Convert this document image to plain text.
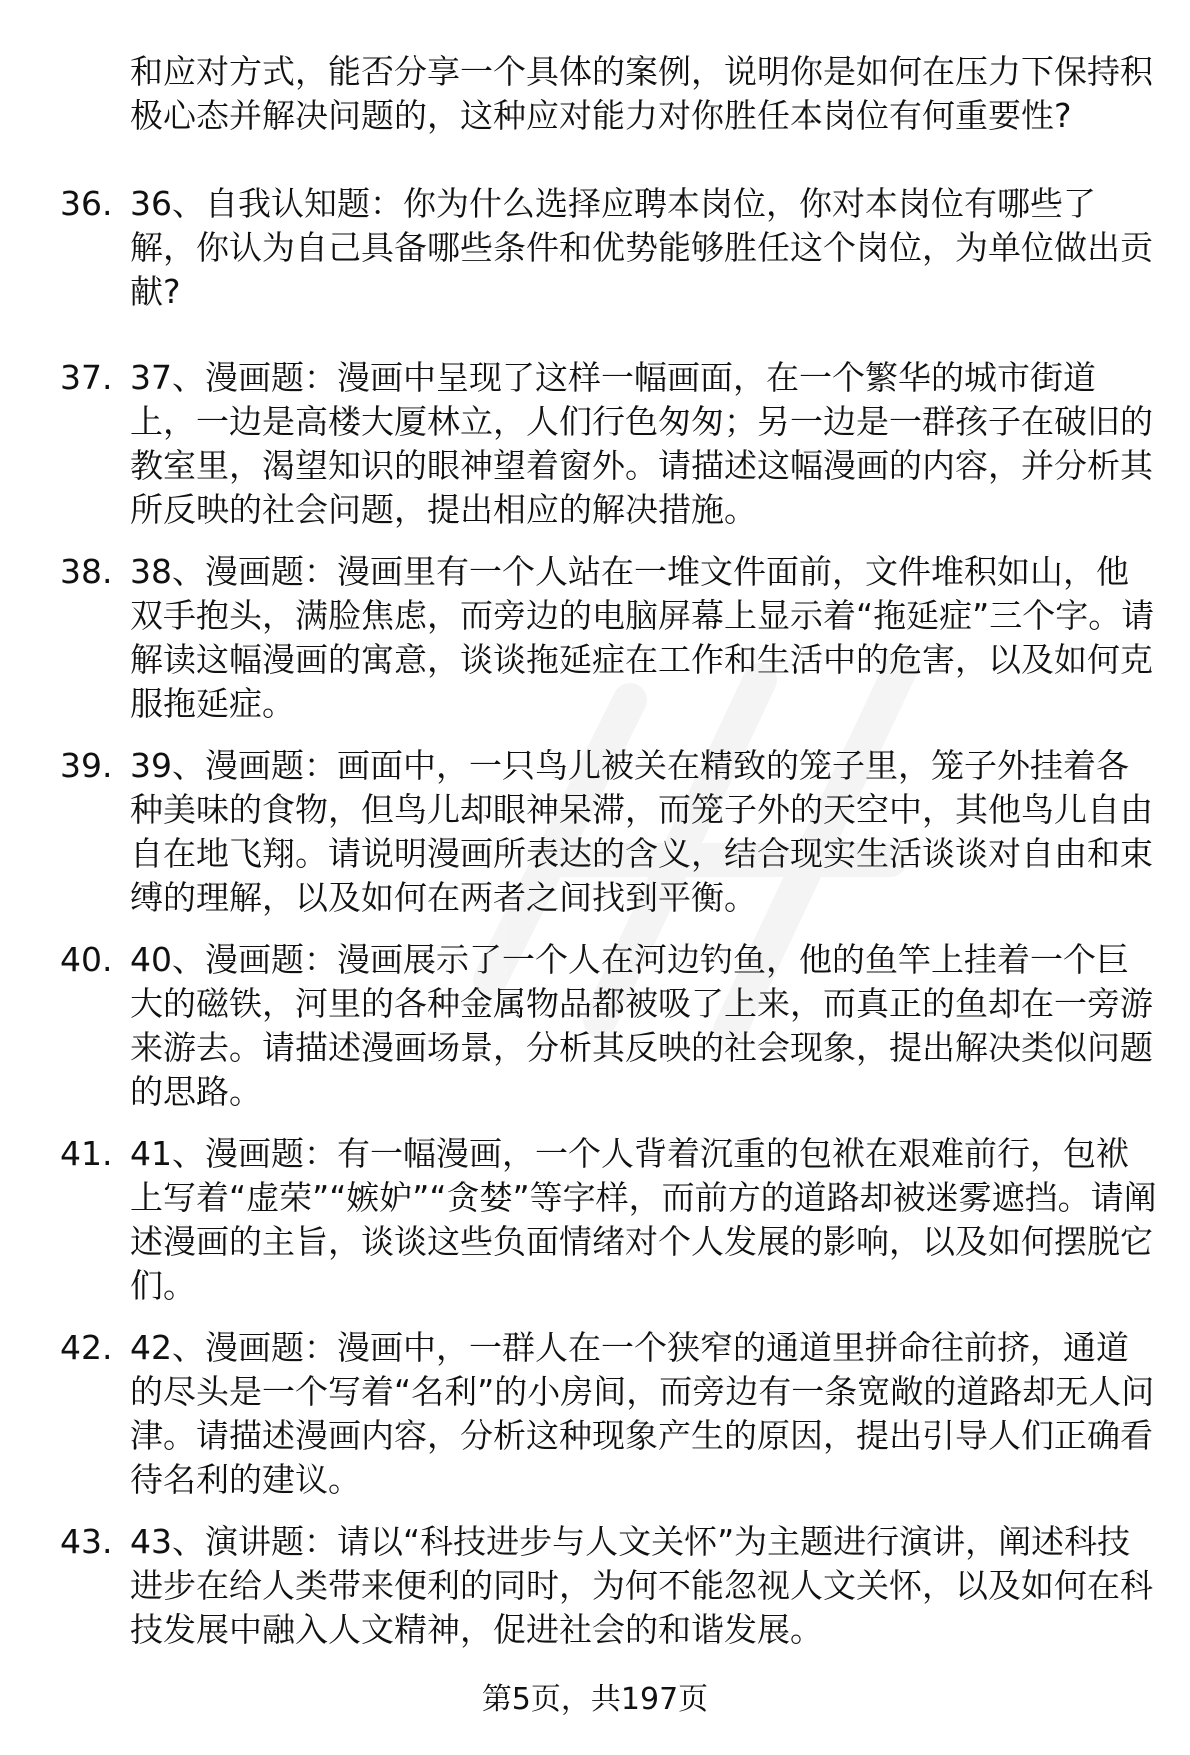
和应对方式，能否分享一个具体的案例，说明你是如何在压力下保持积极心态并解决问题的，这种应对能力对你胜任本岗位有何重要性?
36. 36、自我认知题：你为什么选择应聘本岗位，你对本岗位有哪些了解，你认为自己具备哪些条件和优势能够胜任这个岗位，为单位做出贡献?
37. 37、漫画题：漫画中呈现了这样一幅画面，在一个繁华的城市街道上，一边是高楼大厦林立，人们行色匆匆；另一边是一群孩子在破旧的教室里，渴望知识的眼神望着窗外。请描述这幅漫画的内容，并分析其所反映的社会问题，提出相应的解决措施。
38. 38、漫画题：漫画里有一个人站在一堆文件面前，文件堆积如山，他双手抱头，满脸焦虑，而旁边的电脑屏幕上显示着“拖延症”三个字。请解读这幅漫画的寓意，谈谈拖延症在工作和生活中的危害，以及如何克服拖延症。
39. 39、漫画题：画面中，一只鸟儿被关在精致的笼子里，笼子外挂着各种美味的食物，但鸟儿却眼神呆滞，而笼子外的天空中，其他鸟儿自由自在地飞翔。请说明漫画所表达的含义，结合现实生活谈谈对自由和束缚的理解，以及如何在两者之间找到平衡。
40. 40、漫画题：漫画展示了一个人在河边钓鱼，他的鱼竿上挂着一个巨大的磁铁，河里的各种金属物品都被吸了上来，而真正的鱼却在一旁游来游去。请描述漫画场景，分析其反映的社会现象，提出解决类似问题的思路。
41. 41、漫画题：有一幅漫画，一个人背着沉重的包袱在艰难前行，包袱上写着“虚荣”“嫉妒”“贪婪”等字样，而前方的道路却被迷雾遮挡。请阐述漫画的主旨，谈谈这些负面情绪对个人发展的影响，以及如何摆脱它们。
42. 42、漫画题：漫画中，一群人在一个狭窄的通道里拼命往前挤，通道的尽头是一个写着“名利”的小房间，而旁边有一条宽敞的道路却无人问津。请描述漫画内容，分析这种现象产生的原因，提出引导人们正确看待名利的建议。
43. 43、演讲题：请以“科技进步与人文关怀”为主题进行演讲，阐述科技进步在给人类带来便利的同时，为何不能忽视人文关怀，以及如何在科技发展中融入人文精神，促进社会的和谐发展。
第5页，共197页
